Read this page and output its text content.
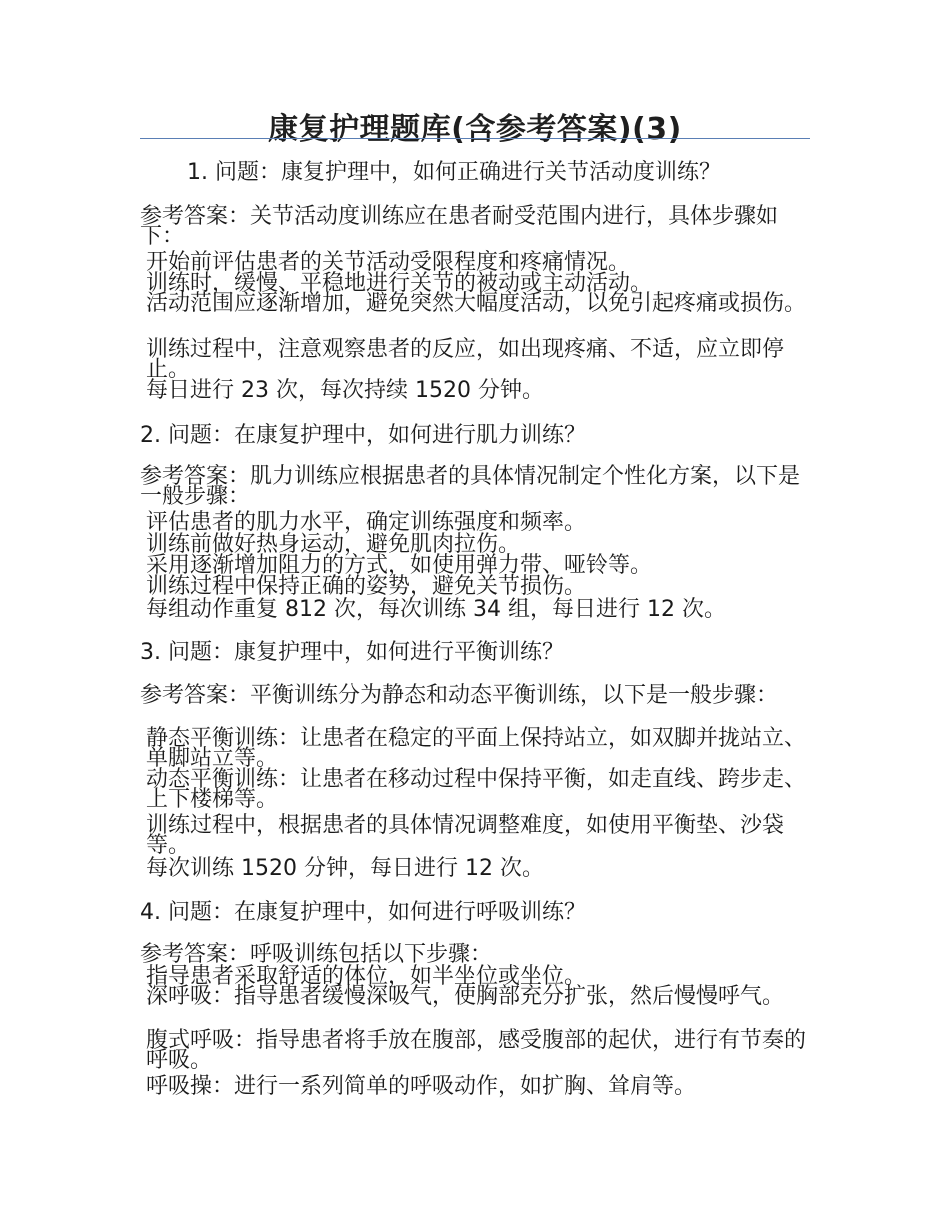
康复护理题库(含参考答案)(3)

1. 问题：康复护理中，如何正确进行关节活动度训练？

参考答案：关节活动度训练应在患者耐受范围内进行，具体步骤如下：

开始前评估患者的关节活动受限程度和疼痛情况。

训练时，缓慢、平稳地进行关节的被动或主动活动。

活动范围应逐渐增加，避免突然大幅度活动，以免引起疼痛或损伤。

训练过程中，注意观察患者的反应，如出现疼痛、不适，应立即停止。

每日进行 23 次，每次持续 1520 分钟。

2. 问题：在康复护理中，如何进行肌力训练？

参考答案：肌力训练应根据患者的具体情况制定个性化方案，以下是一般步骤：

评估患者的肌力水平，确定训练强度和频率。

训练前做好热身运动，避免肌肉拉伤。

采用逐渐增加阻力的方式，如使用弹力带、哑铃等。

训练过程中保持正确的姿势，避免关节损伤。

每组动作重复 812 次，每次训练 34 组，每日进行 12 次。

3. 问题：康复护理中，如何进行平衡训练？

参考答案：平衡训练分为静态和动态平衡训练，以下是一般步骤：

静态平衡训练：让患者在稳定的平面上保持站立，如双脚并拢站立、单脚站立等。

动态平衡训练：让患者在移动过程中保持平衡，如走直线、跨步走、上下楼梯等。

训练过程中，根据患者的具体情况调整难度，如使用平衡垫、沙袋等。

每次训练 1520 分钟，每日进行 12 次。

4. 问题：在康复护理中，如何进行呼吸训练？

参考答案：呼吸训练包括以下步骤：

指导患者采取舒适的体位，如半坐位或坐位。

深呼吸：指导患者缓慢深吸气，使胸部充分扩张，然后慢慢呼气。

腹式呼吸：指导患者将手放在腹部，感受腹部的起伏，进行有节奏的呼吸。

呼吸操：进行一系列简单的呼吸动作，如扩胸、耸肩等。
